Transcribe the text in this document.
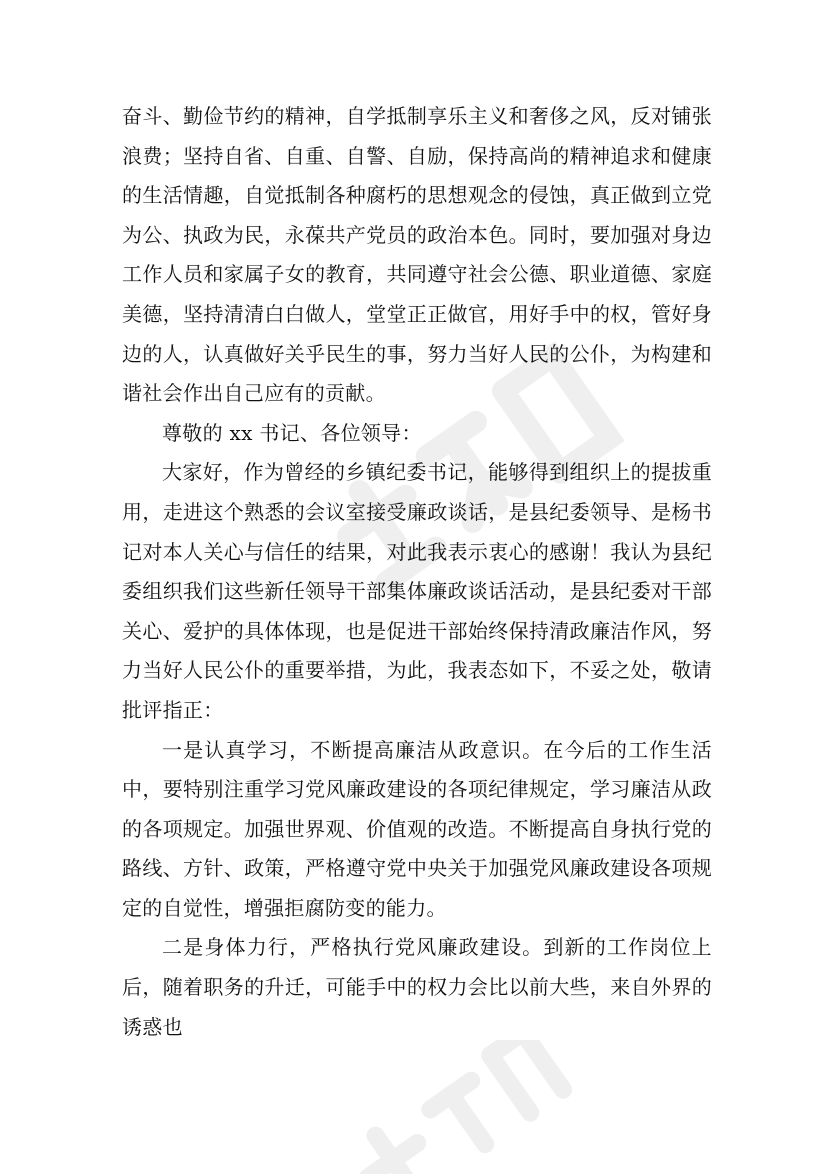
奋斗、勤俭节约的精神，自学抵制享乐主义和奢侈之风，反对铺张浪费；坚持自省、自重、自警、自励，保持高尚的精神追求和健康的生活情趣，自觉抵制各种腐朽的思想观念的侵蚀，真正做到立党为公、执政为民，永葆共产党员的政治本色。同时，要加强对身边工作人员和家属子女的教育，共同遵守社会公德、职业道德、家庭美德，坚持清清白白做人，堂堂正正做官，用好手中的权，管好身边的人，认真做好关乎民生的事，努力当好人民的公仆，为构建和谐社会作出自己应有的贡献。

尊敬的 xx 书记、各位领导：

大家好，作为曾经的乡镇纪委书记，能够得到组织上的提拔重用，走进这个熟悉的会议室接受廉政谈话，是县纪委领导、是杨书记对本人关心与信任的结果，对此我表示衷心的感谢！我认为县纪委组织我们这些新任领导干部集体廉政谈话活动，是县纪委对干部关心、爱护的具体体现，也是促进干部始终保持清政廉洁作风，努力当好人民公仆的重要举措，为此，我表态如下，不妥之处，敬请批评指正：

一是认真学习，不断提高廉洁从政意识。在今后的工作生活中，要特别注重学习党风廉政建设的各项纪律规定，学习廉洁从政的各项规定。加强世界观、价值观的改造。不断提高自身执行党的路线、方针、政策，严格遵守党中央关于加强党风廉政建设各项规定的自觉性，增强拒腐防变的能力。

二是身体力行，严格执行党风廉政建设。到新的工作岗位上后，随着职务的升迁，可能手中的权力会比以前大些，来自外界的诱惑也
